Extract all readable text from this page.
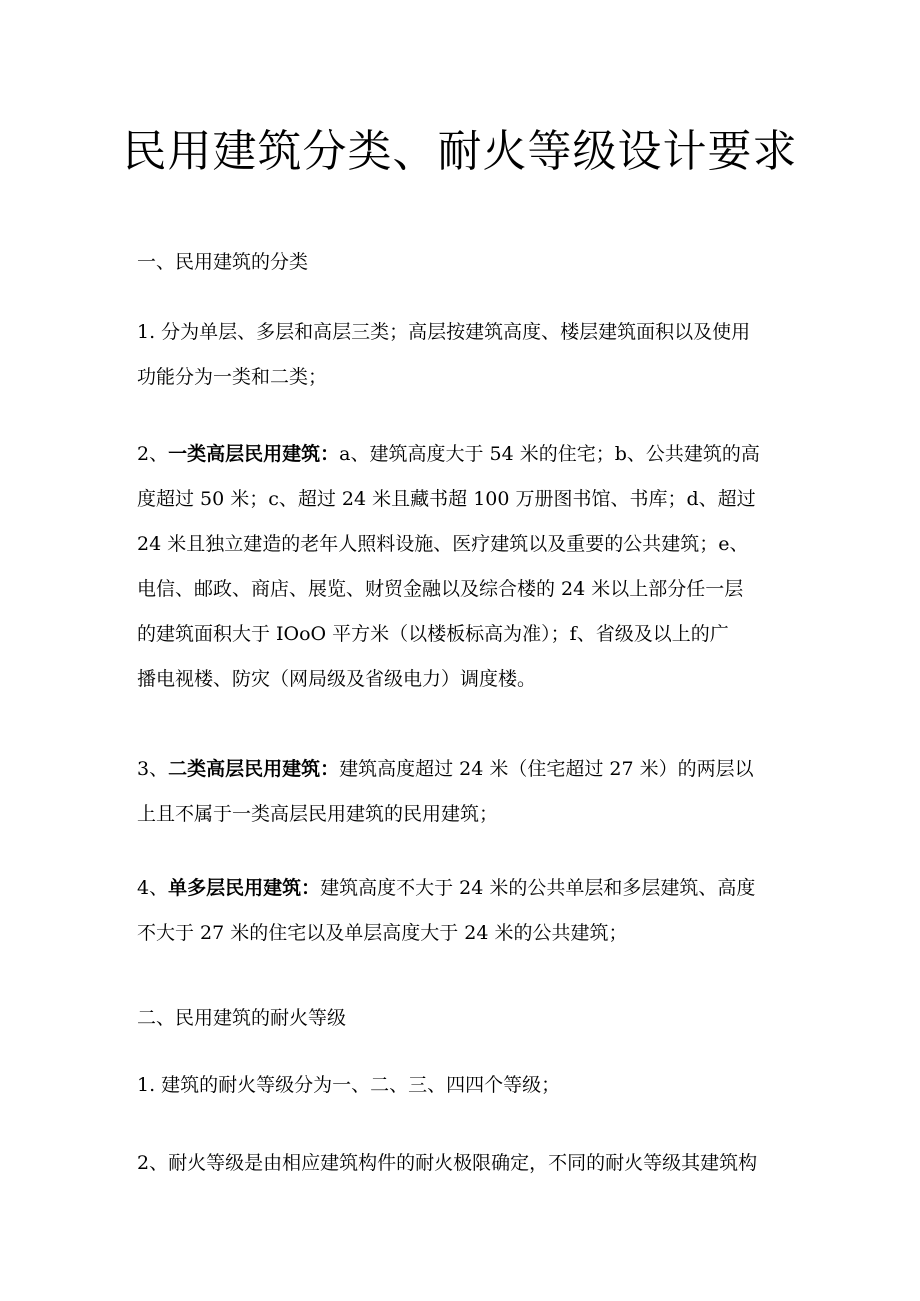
民用建筑分类、耐火等级设计要求

一、民用建筑的分类

1. 分为单层、多层和高层三类；高层按建筑高度、楼层建筑面积以及使用
功能分为一类和二类；

2、一类高层民用建筑：a、建筑高度大于 54 米的住宅；b、公共建筑的高
度超过 50 米；c、超过 24 米且藏书超 100 万册图书馆、书库；d、超过
24 米且独立建造的老年人照料设施、医疗建筑以及重要的公共建筑；e、
电信、邮政、商店、展览、财贸金融以及综合楼的 24 米以上部分任一层
的建筑面积大于 IOoO 平方米（以楼板标高为准）；f、省级及以上的广
播电视楼、防灾（网局级及省级电力）调度楼。

3、二类高层民用建筑：建筑高度超过 24 米（住宅超过 27 米）的两层以
上且不属于一类高层民用建筑的民用建筑；

4、单多层民用建筑：建筑高度不大于 24 米的公共单层和多层建筑、高度
不大于 27 米的住宅以及单层高度大于 24 米的公共建筑；

二、民用建筑的耐火等级

1. 建筑的耐火等级分为一、二、三、四四个等级；

2、耐火等级是由相应建筑构件的耐火极限确定，不同的耐火等级其建筑构
